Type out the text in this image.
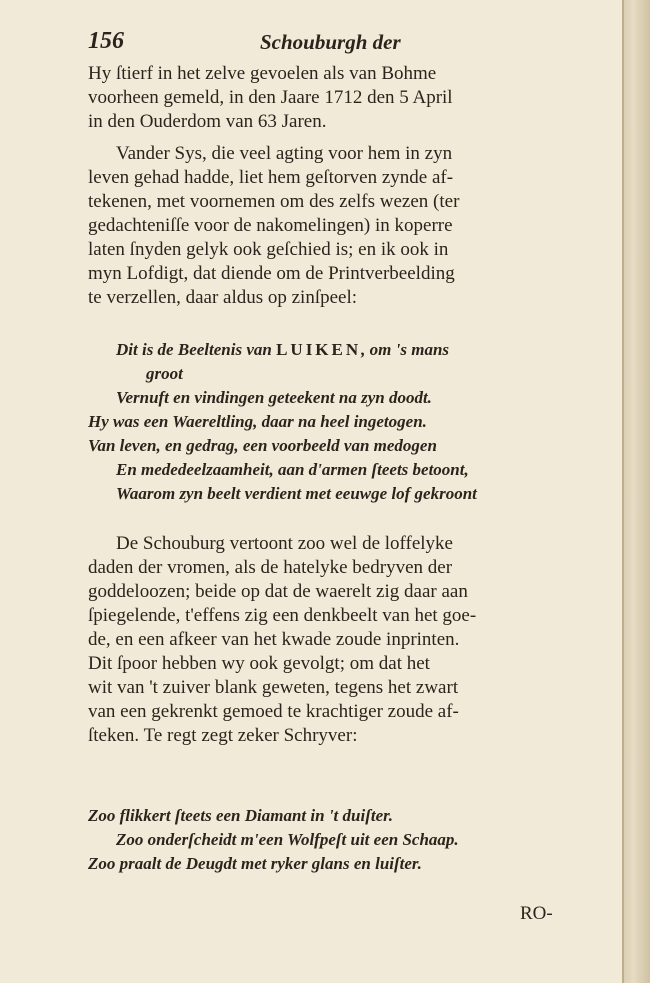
156	Schouburgh der
Hy ſtierf in het zelve gevoelen als van Bohme
voorheen gemeld, in den Jaare 1712 den 5 April
in den Ouderdom van 63 Jaren.
Vander Sys, die veel agting voor hem in zyn
leven gehad hadde, liet hem geſtorven zynde af-
tekenen, met voornemen om des zelfs wezen (ter
gedachteniſſe voor de nakomelingen) in koperre
laten ſnyden gelyk ook geſchied is; en ik ook in
myn Lofdigt, dat diende om de Printverbeelding
te verzellen, daar aldus op zinſpeel:
Dit is de Beeltenis van LUIKEN, om 's mans
groot
Vernuft en vindingen geteekent na zyn doodt.
Hy was een Waereltling, daar na heel ingetogen.
Van leven, en gedrag, een voorbeeld van medogen
En mededeelzaamheit, aan d'armen ſteets betoont,
Waarom zyn beelt verdient met eeuwge lof gekroont
De Schouburg vertoont zoo wel de loffelyke
daden der vromen, als de hatelyke bedryven der
goddeloozen; beide op dat de waerelt zig daar aan
ſpiegelende, t'effens zig een denkbeelt van het goe-
de, en een afkeer van het kwade zoude inprinten.
Dit ſpoor hebben wy ook gevolgt; om dat het
wit van 't zuiver blank geweten, tegens het zwart
van een gekrenkt gemoed te krachtiger zoude af-
ſteken. Te regt zegt zeker Schryver:
Zoo flikkert ſteets een Diamant in 't duiſter.
Zoo onderſcheidt m'een Wolfpeſt uit een Schaap.
Zoo praalt de Deugdt met ryker glans en luiſter.
RO-
